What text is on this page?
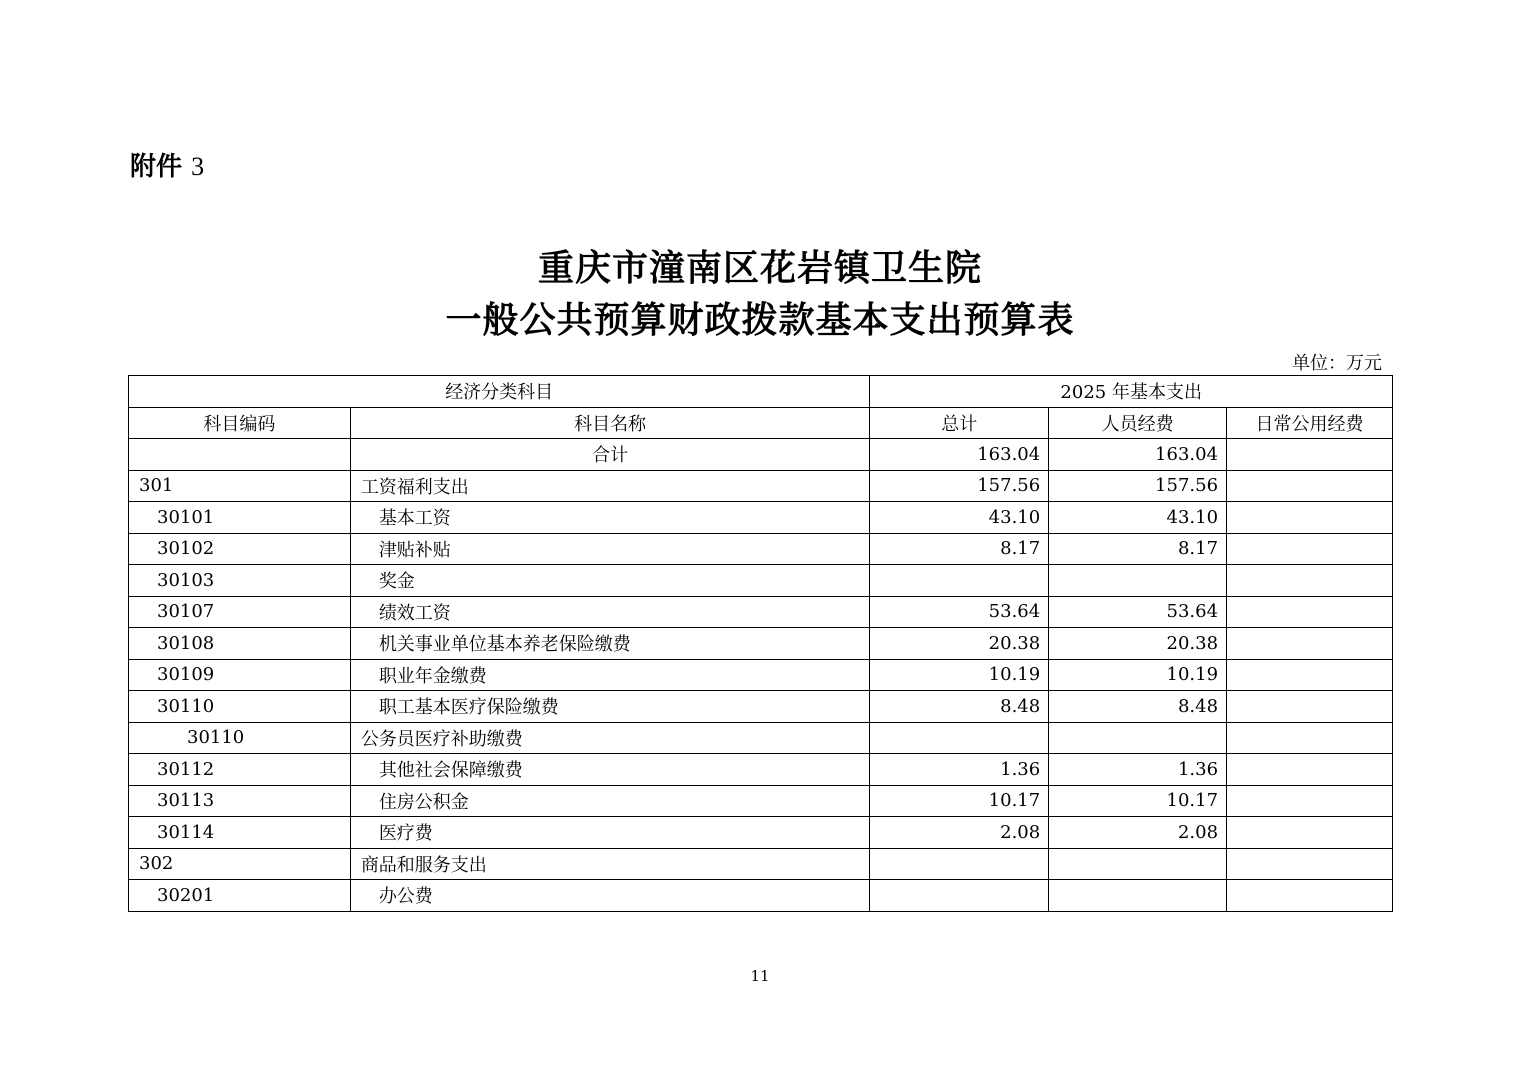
附件 3
重庆市潼南区花岩镇卫生院
一般公共预算财政拨款基本支出预算表
单位：万元
经济分类科目		2025 年基本支出		
科目编码	科目名称	总计	人员经费	日常公用经费
	合计	163.04	163.04	
301	工资福利支出	157.56	157.56	
30101	基本工资	43.10	43.10	
30102	津贴补贴	8.17	8.17	
30103	奖金			
30107	绩效工资	53.64	53.64	
30108	机关事业单位基本养老保险缴费	20.38	20.38	
30109	职业年金缴费	10.19	10.19	
30110	职工基本医疗保险缴费	8.48	8.48	
30110	公务员医疗补助缴费			
30112	其他社会保障缴费	1.36	1.36	
30113	住房公积金	10.17	10.17	
30114	医疗费	2.08	2.08	
302	商品和服务支出			
30201	办公费			
11
